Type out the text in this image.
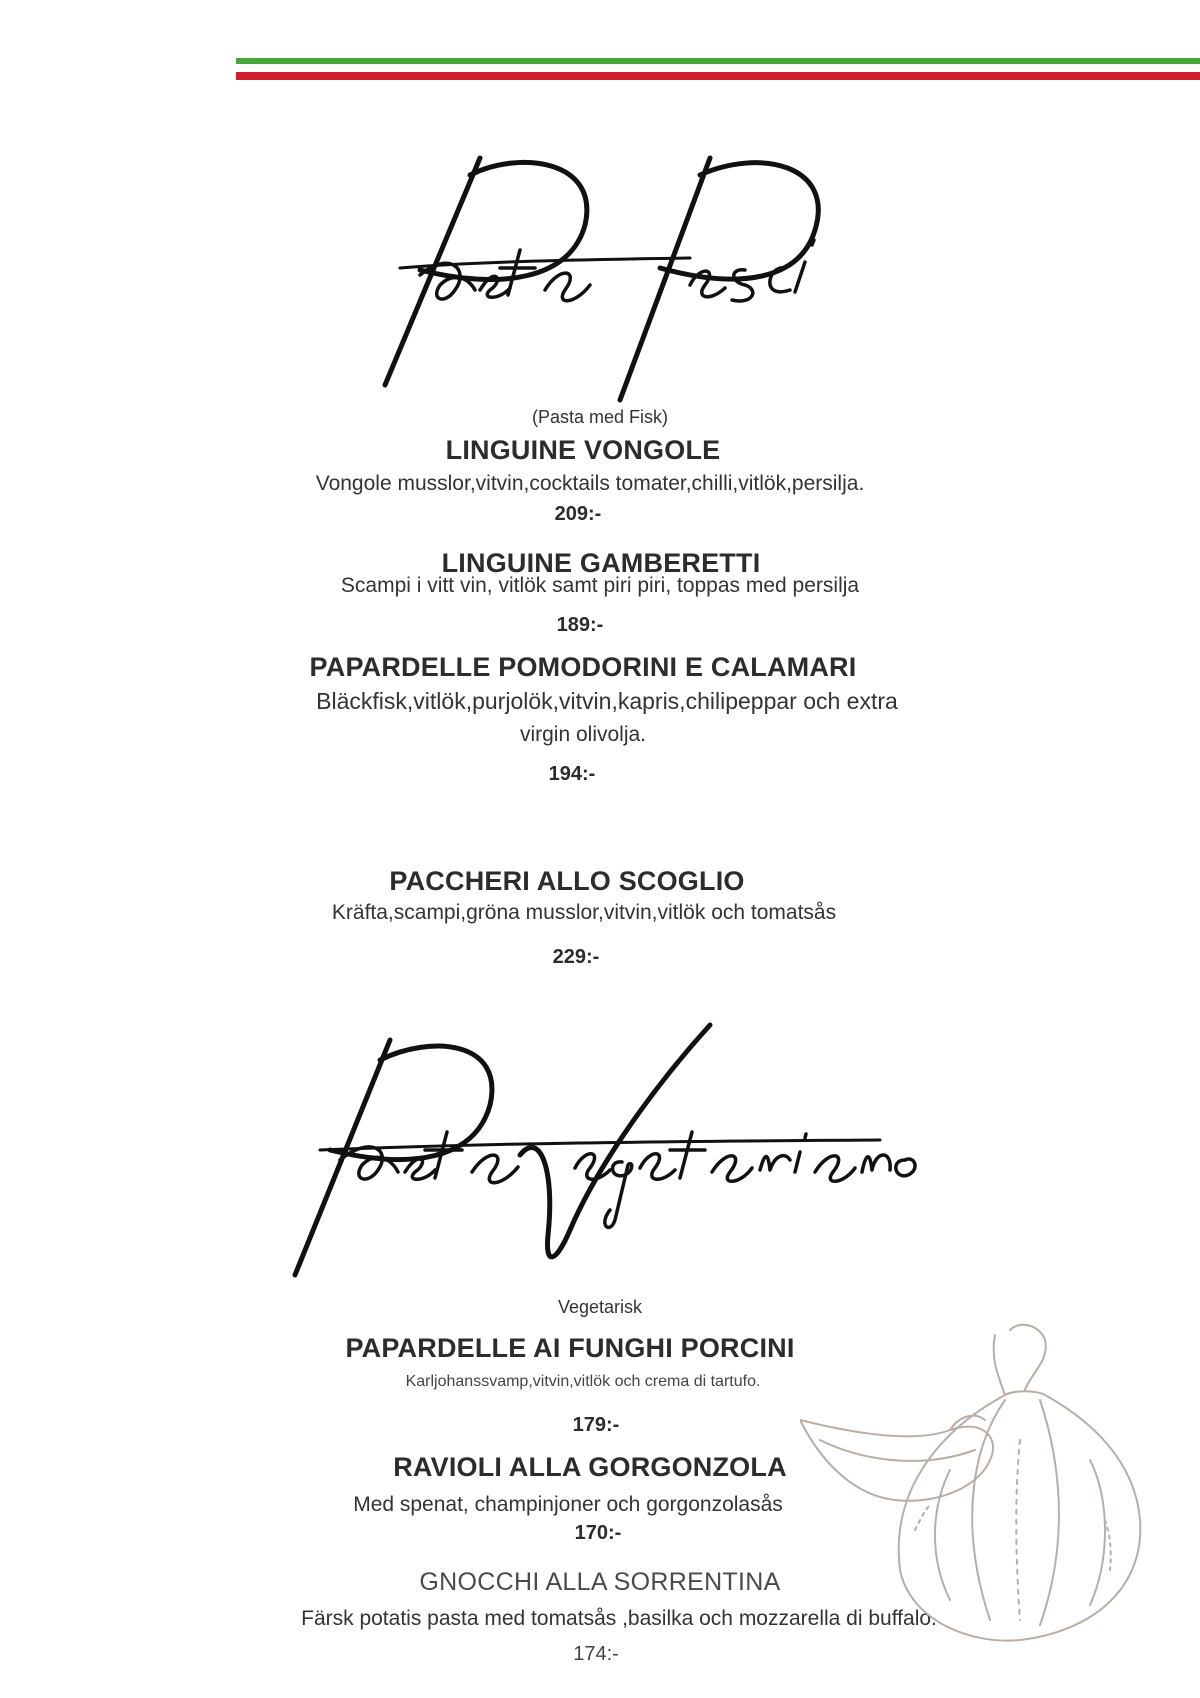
(Pasta med Fisk)
LINGUINE VONGOLE
Vongole musslor,vitvin,cocktails tomater,chilli,vitlök,persilja.
209:-
LINGUINE GAMBERETTI
Scampi i vitt vin, vitlök samt piri piri, toppas med persilja
189:-
PAPARDELLE POMODORINI E CALAMARI
Bläckfisk,vitlök,purjolök,vitvin,kapris,chilipeppar och extra
virgin olivolja.
194:-
PACCHERI ALLO SCOGLIO
Kräfta,scampi,gröna musslor,vitvin,vitlök och tomatsås
229:-
Vegetarisk
PAPARDELLE AI FUNGHI PORCINI
Karljohanssvamp,vitvin,vitlök och crema di tartufo.
179:-
RAVIOLI ALLA GORGONZOLA
Med spenat, champinjoner och gorgonzolasås
170:-
GNOCCHI ALLA SORRENTINA
Färsk potatis pasta med tomatsås ,basilka och mozzarella di buffalo.
174:-
